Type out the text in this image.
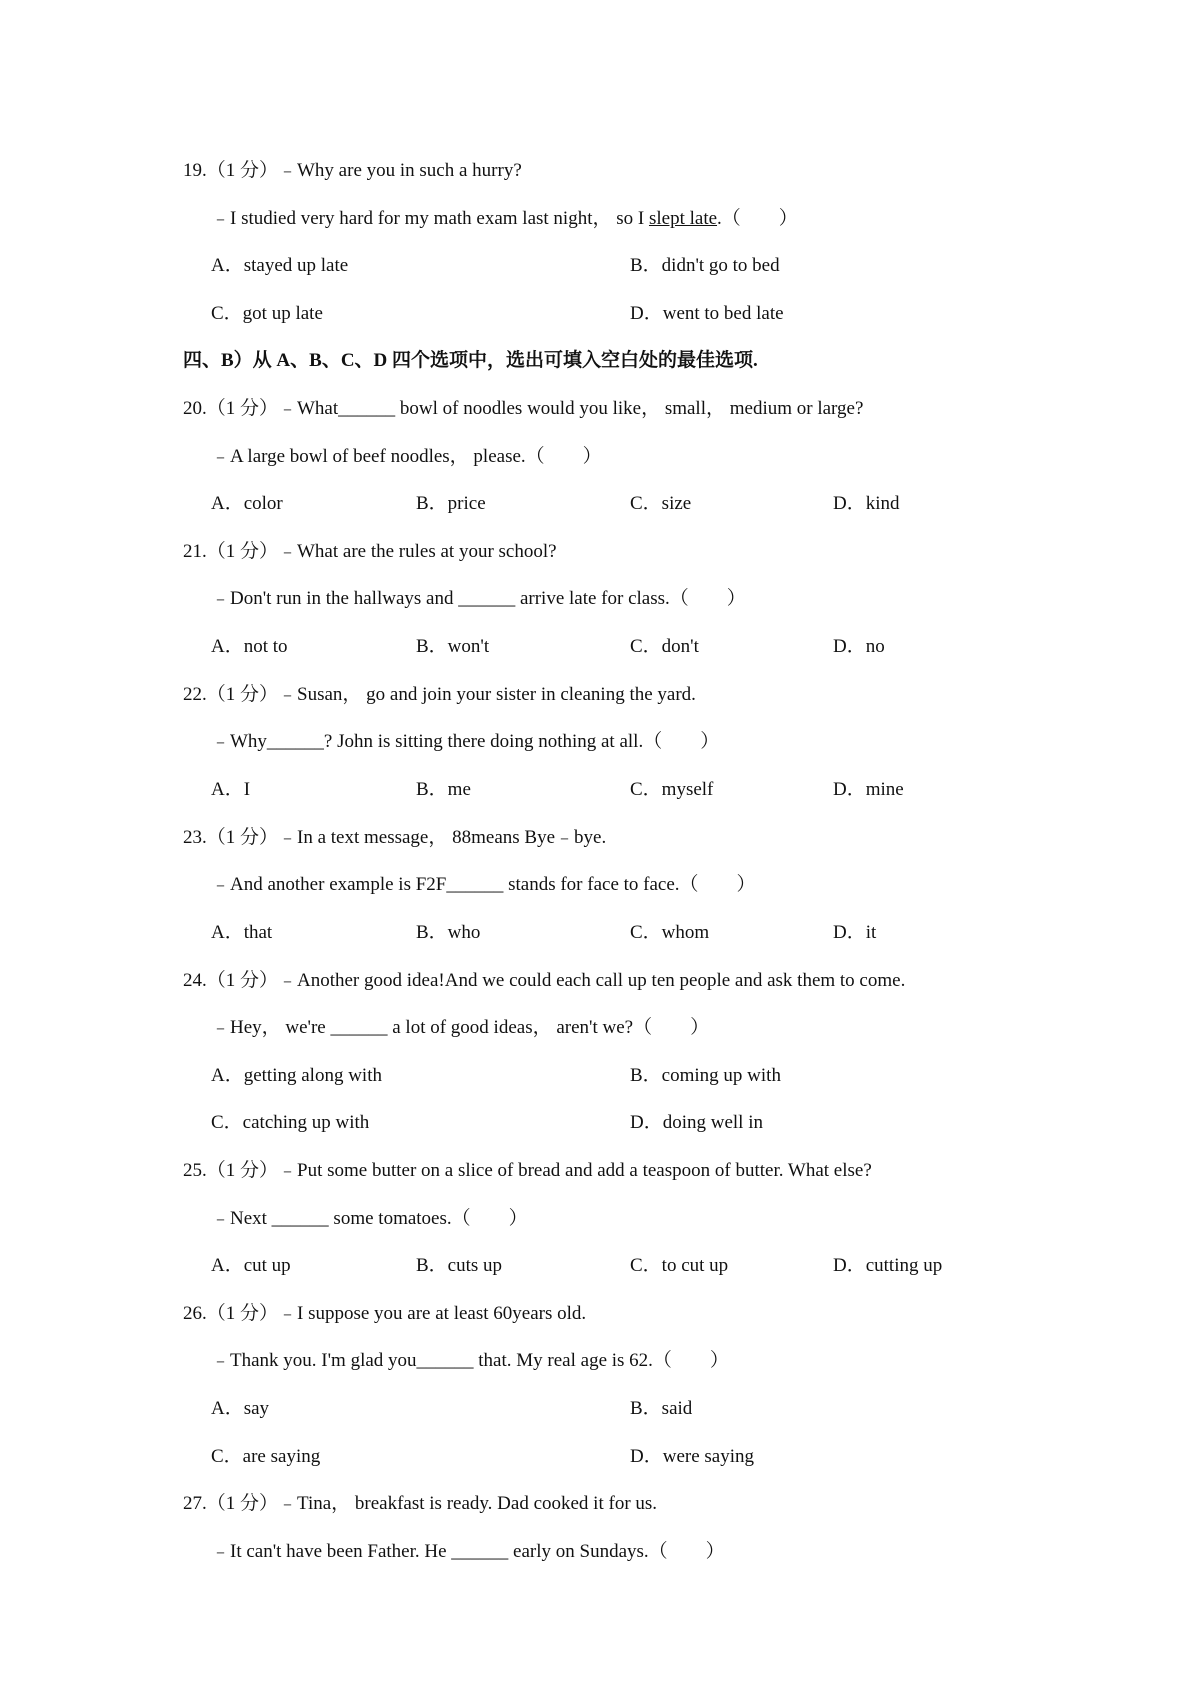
19.（1 分）﹣Why are you in such a hurry?
﹣I studied very hard for my math exam last night， so I slept late.（　　）
A．stayed up late	B．didn't go to bed
C．got up late	D．went to bed late
四、B）从 A、B、C、D 四个选项中，选出可填入空白处的最佳选项.
20.（1 分）﹣What______ bowl of noodles would you like， small， medium or large?
﹣A large bowl of beef noodles， please.（　　）
A．color	B．price	C．size	D．kind
21.（1 分）﹣What are the rules at your school?
﹣Don't run in the hallways and ______ arrive late for class.（　　）
A．not to	B．won't	C．don't	D．no
22.（1 分）﹣Susan， go and join your sister in cleaning the yard.
﹣Why______? John is sitting there doing nothing at all.（　　）
A．I	B．me	C．myself	D．mine
23.（1 分）﹣In a text message， 88means Bye﹣bye.
﹣And another example is F2F______ stands for face to face.（　　）
A．that	B．who	C．whom	D．it
24.（1 分）﹣Another good idea!And we could each call up ten people and ask them to come.
﹣Hey， we're ______ a lot of good ideas， aren't we?（　　）
A．getting along with	B．coming up with
C．catching up with	D．doing well in
25.（1 分）﹣Put some butter on a slice of bread and add a teaspoon of butter. What else?
﹣Next ______ some tomatoes.（　　）
A．cut up	B．cuts up	C．to cut up	D．cutting up
26.（1 分）﹣I suppose you are at least 60years old.
﹣Thank you. I'm glad you______ that. My real age is 62.（　　）
A．say	B．said
C．are saying	D．were saying
27.（1 分）﹣Tina， breakfast is ready. Dad cooked it for us.
﹣It can't have been Father. He ______ early on Sundays.（　　）
